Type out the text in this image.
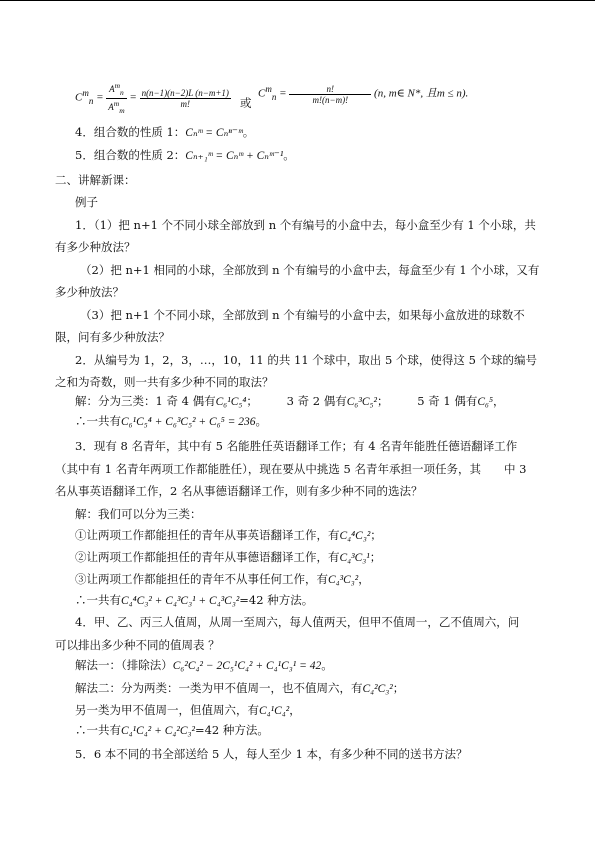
$C^m_n$ =
$A^m_n$
$A^m_m$
= $\frac{n(n-1)(n-2)L (n-m+1)}{m!}$ 或
$C^m_n = \frac{n!}{m!(n-m)!} (n$, m∈ N*, 且m ≤ n).
4．组合数的性质 1：Cₙᵐ = Cₙⁿ⁻ᵐ。
5．组合数的性质 2：Cₙ₊₁ᵐ = Cₙᵐ + Cₙᵐ⁻¹。
二、讲解新课：
例子
1．（1）把 n+1 个不同小球全部放到 n 个有编号的小盒中去，每小盒至少有 1 个小球，共
有多少种放法？
（2）把 n+1 相同的小球，全部放到 n 个有编号的小盒中去，每盒至少有 1 个小球，又有
多少种放法？
（3）把 n+1 个不同小球，全部放到 n 个有编号的小盒中去，如果每小盒放进的球数不
限，问有多少种放法？
2．从编号为 1，2，3，…，10，11 的共 11 个球中，取出 5 个球，使得这 5 个球的编号
之和为奇数，则一共有多少种不同的取法？
解：分为三类：1 奇 4 偶有C₆¹C₅⁴；　　　3 奇 2 偶有C₆³C₅²；　　　5 奇 1 偶有C₆⁵，
∴一共有C₆¹C₅⁴ + C₆³C₅² + C₆⁵ = 236。
3．现有 8 名青年，其中有 5 名能胜任英语翻译工作；有 4 名青年能胜任德语翻译工作
（其中有 1 名青年两项工作都能胜任），现在要从中挑选 5 名青年承担一项任务，其　　中 3
名从事英语翻译工作，2 名从事德语翻译工作，则有多少种不同的选法？
解：我们可以分为三类：
①让两项工作都能担任的青年从事英语翻译工作，有C₄⁴C₃²；
②让两项工作都能担任的青年从事德语翻译工作，有C₄³C₃¹；
③让两项工作都能担任的青年不从事任何工作，有C₄³C₃²，
∴一共有C₄⁴C₃² + C₄³C₃¹ + C₄³C₃²=42 种方法。
4．甲、乙、丙三人值周，从周一至周六，每人值两天，但甲不值周一，乙不值周六，问
可以排出多少种不同的值周表 ？
解法一：（排除法）C₆²C₄² − 2C₅¹C₄² + C₄¹C₃¹ = 42。
解法二：分为两类：一类为甲不值周一，也不值周六，有C₄²C₃²；
另一类为甲不值周一，但值周六，有C₄¹C₄²，
∴一共有C₄¹C₄² + C₄²C₃²=42 种方法。
5．6 本不同的书全部送给 5 人，每人至少 1 本，有多少种不同的送书方法？
